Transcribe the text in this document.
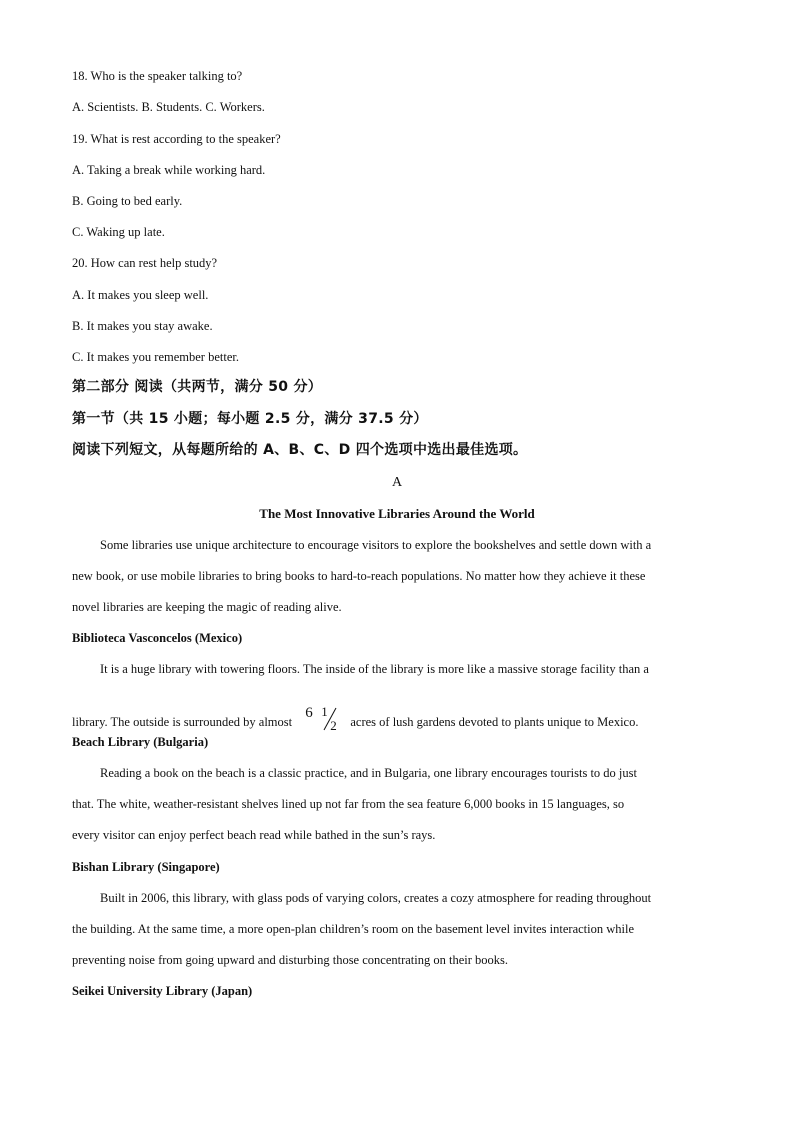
18. Who is the speaker talking to?
A. Scientists. B. Students. C. Workers.
19. What is rest according to the speaker?
A. Taking a break while working hard.
B. Going to bed early.
C. Waking up late.
20. How can rest help study?
A. It makes you sleep well.
B. It makes you stay awake.
C. It makes you remember better.
第二部分 阅读（共两节，满分 50 分）
第一节（共 15 小题；每小题 2.5 分，满分 37.5 分）
阅读下列短文，从每题所给的 A、B、C、D 四个选项中选出最佳选项。
A
The Most Innovative Libraries Around the World
Some libraries use unique architecture to encourage visitors to explore the bookshelves and settle down with a
new book, or use mobile libraries to bring books to hard-to-reach populations. No matter how they achieve it these
novel libraries are keeping the magic of reading alive.
Biblioteca Vasconcelos (Mexico)
It is a huge library with towering floors. The inside of the library is more like a massive storage facility than a
library. The outside is surrounded by almost
6 1
2 acres of lush gardens devoted to plants unique to Mexico.
Beach Library (Bulgaria)
Reading a book on the beach is a classic practice, and in Bulgaria, one library encourages tourists to do just
that. The white, weather-resistant shelves lined up not far from the sea feature 6,000 books in 15 languages, so
every visitor can enjoy perfect beach read while bathed in the sun’s rays.
Bishan Library (Singapore)
Built in 2006, this library, with glass pods of varying colors, creates a cozy atmosphere for reading throughout
the building. At the same time, a more open-plan children’s room on the basement level invites interaction while
preventing noise from going upward and disturbing those concentrating on their books.
Seikei University Library (Japan)
